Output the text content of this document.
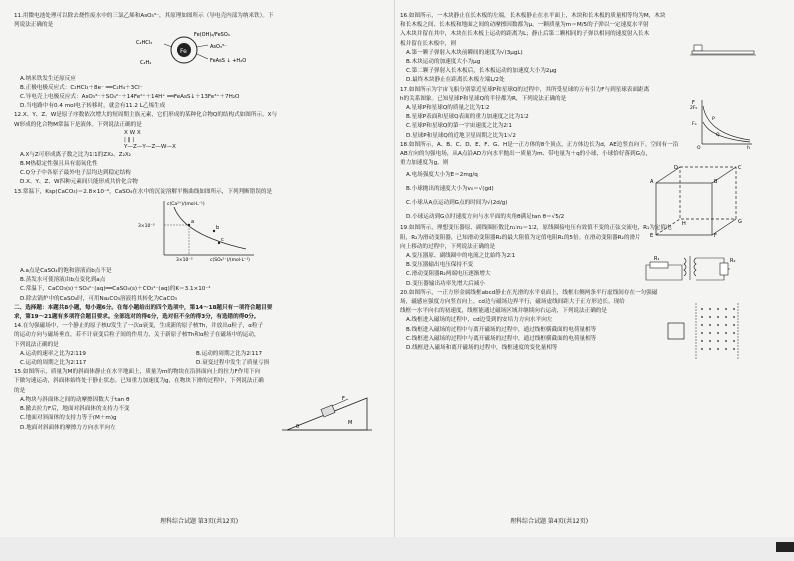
11.用微电池处理可以除去烧性废水中的三氯乙烯和AsO₃³⁻，其原理如图所示（导电壳内部为纳米铁）。下

列说法正确的是

Fe
Fe(OH)₂/FeSO₄
C₂HCl₃
C₂H₄
AsO₃³⁻
FeAsS ↓ +H₂O

A.纳米铁发生还原反应

B.正极电极反应式：C₂HCl₃＋8e⁻ ══C₂H₄＋3Cl⁻

C.导电壳上电极反应式：AsO₃³⁻＋SO₄²⁻＋14Fe²⁺＋14H⁺ ══FeAsS↓＋13Fe³⁺＋7H₂O

D.当电路中有0.4 mol电子转移时，就会有11.2 L乙烯生成

12.X、Y、Z、W是原子序数依次增大的短周期主族元素，它们形成的某种化合物Q的结构式如图所示。X与

W形成的化合物M常温下是液体。下列说法正确的是

X W X
| ‖ |
Y—Z—Y—Z—W—X

A.X与Z可形成离子数之比为1∶1的ZX₂、Z₂X₂

B.M热稳定性强且具有弱氧化性

C.Q分子中各原子最外电子层均达到稳定结构

D.X、Y、Z、W四种元素间只能形成共价化合物

13.常温下，Ksp(CaCO₃)＝2.8×10⁻⁹，CaSO₄在水中的沉淀溶解平衡曲线如图所示，下列判断错误的是

a
b
c
c(Ca²⁺)/(mol·L⁻¹)
3×10⁻³
3×10⁻³	c(SO₄²⁻)/(mol·L⁻¹)

A.a点是CaSO₄的饱和溶液而b点不是

B.蒸发水可使溶液由b点变化到a点

C.常温下，CaCO₃(s)＋SO₄²⁻(aq)══CaSO₄(s)＋CO₃²⁻(aq)的K＝3.1×10⁻⁴

D.除去锅炉中的CaSO₄时，可用Na₂CO₃溶液将其转化为CaCO₃

二、选择题：本题共8小题，每小题6分。在每小题给出的四个选项中，第14～18题只有一项符合题目要

求，第19～21题有多项符合题目要求。全部选对的得6分，选对但不全的得3分，有选错的得0分。

14.在匀强磁场中，一个静止的原子核U发生了一次α衰变，生成新的原子核Th，并放出α粒子，α粒子

的运动方向与磁场垂直，若不计衰变后粒子间的作用力，关于新原子核Th和α粒子在磁场中的运动，

下列说法正确的是

A.运动的速率之比为2∶119	B.运动的周期之比为2∶117

C.运动的周期之比为2∶117	D.衰变过程中发生了质量亏损

15.如图所示，质量为M的斜面体静止在水平地面上，质量为m的物块在沿斜面向上的拉力F作用下向

下做匀速运动，斜面体始终处于静止状态。已知重力加速度为g，在物块下滑的过程中，下列说法正确

的是

A.物块与斜面体之间的动摩擦因数大于tan θ

B.撤去拉力F后，地面对斜面体的支持力不变

C.地面对斜面体的支持力等于(M＋m)g

D.地面对斜面体的摩擦力方向水平向左

F
M
θ
理科综合试题 第3页(共12页)

16.如图所示，一木块静止在长木板的左端，长木板静止在水平面上，木块和长木板的质量相等均为M，木块

和长木板之间、长木板和地面之间的动摩擦因数都为μ。一颗质量为m＝M/5的子弹以一定速度水平射

入木块并留在其中，木块在长木板上运动的距离为L；静止后第二颗相同的子弹以相同的速度射入长木

板并留在长木板中，则

A.第一颗子弹射入木块前瞬间的速度为√(3μgL)

B.木块运动的加速度大小为μg

C.第二颗子弹射入长木板后，长木板运动的加速度大小为2μg

D.最终木块静止在距离长木板左端L/2处

17.如图所示为宇宙飞船分别靠近星球P和星球Q的过程中，其所受星球的万有引力F与到星球表面距离

h的关系图象。已知星球P和星球Q的半径都为R，下列说法正确的是

A.星球P和星球Q的质量之比为1∶2

B.星球P表面和星球Q表面的重力加速度之比为1∶2

C.星球P和星球Q的第一宇宙速度之比为2∶1

D.星球P和星球Q的近地卫星周期之比为1∶√2

F
2F₀
F₀
P
Q
h
O

18.如图所示，A、B、C、D、E、F、G、H是一正方体的8个顶点，正方体边长为d，AE边竖直向下。空间有一沿

AB方向的匀强电场，从A点沿AD方向水平抛出一质量为m、带电量为＋q的小球，小球恰好落到G点，

重力加速度为g，则

A.电场强度大小为E＝2mg/q

B.小球抛出的速度大小为v₀＝√(gd)

C.小球从A点运动到G点的时间为√(2d/g)

D.小球运动到G点时速度方向与水平面的夹角θ满足tan θ＝√5/2

A	B
C
D
E	F
G
H

19.如图所示，理想变压器原、副线圈匝数比n₁∶n₂＝1∶2，原线圈接电压有效值不变的正弦交流电，R₁为定值电

阻，R₂为滑动变阻器，已知滑动变阻器R₂的最大阻值为定值电阻R₁的5倍。在滑动变阻器R₂的滑片

向上移动的过程中，下列说法正确的是

A.变压器原、副线圈中的电流之比始终为2∶1

B.变压器输出电压保持不变

C.滑动变阻器R₂两端电压逐渐增大

D.变压器输出功率先增大后减小

R₁	R₂

20.如图所示，一正方形金属线框abcd静止在光滑的水平桌面上，线框右侧两条平行虚线间存在一匀强磁

场，磁感应强度方向竖直向上。cd边与磁场边界平行，磁场虚线间距大于正方形边长。现给

线框一水平向右的初速度，线框能通过磁场区域并继续向右运动，下列说法正确的是

A.线框进入磁场的过程中，cd边受到的安培力方向水平向左

B.线框进入磁场的过程中与离开磁场的过程中，通过线框横截面的电荷量相等

C.线框进入磁场的过程中与离开磁场的过程中，通过线框横截面的电荷量相等

D.线框进入磁场和离开磁场的过程中，线框速度的变化量相等

理科综合试题 第4页(共12页)
